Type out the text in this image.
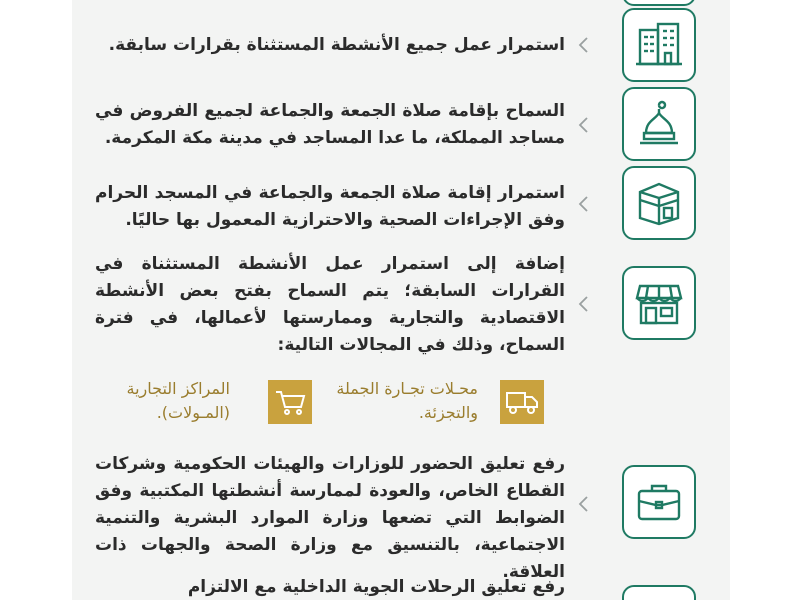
استمرار عمل جميع الأنشطة المستثناة بقرارات سابقة.
السماح بإقامة صلاة الجمعة والجماعة لجميع الفروض في مساجد المملكة، ما عدا المساجد في مدينة مكة المكرمة.
استمرار إقامة صلاة الجمعة والجماعة في المسجد الحرام وفق الإجراءات الصحية والاحترازية المعمول بها حاليًا.
إضافة إلى استمرار عمل الأنشطة المستثناة في القرارات السابقة؛ يتم السماح بفتح بعض الأنشطة الاقتصادية والتجارية وممارستها لأعمالها، في فترة السماح، وذلك في المجالات التالية:
محـلات تجـارة الجملة والتجزئة.
المراكز التجارية (المـولات).
رفع تعليق الحضور للوزارات والهيئات الحكومية وشركات القطاع الخاص، والعودة لممارسة أنشطتها المكتبية وفق الضوابط التي تضعها وزارة الموارد البشرية والتنمية الاجتماعية، بالتنسيق مع وزارة الصحة والجهات ذات العلاقة.
رفع تعليق الرحلات الجوية الداخلية مع الالتزام
